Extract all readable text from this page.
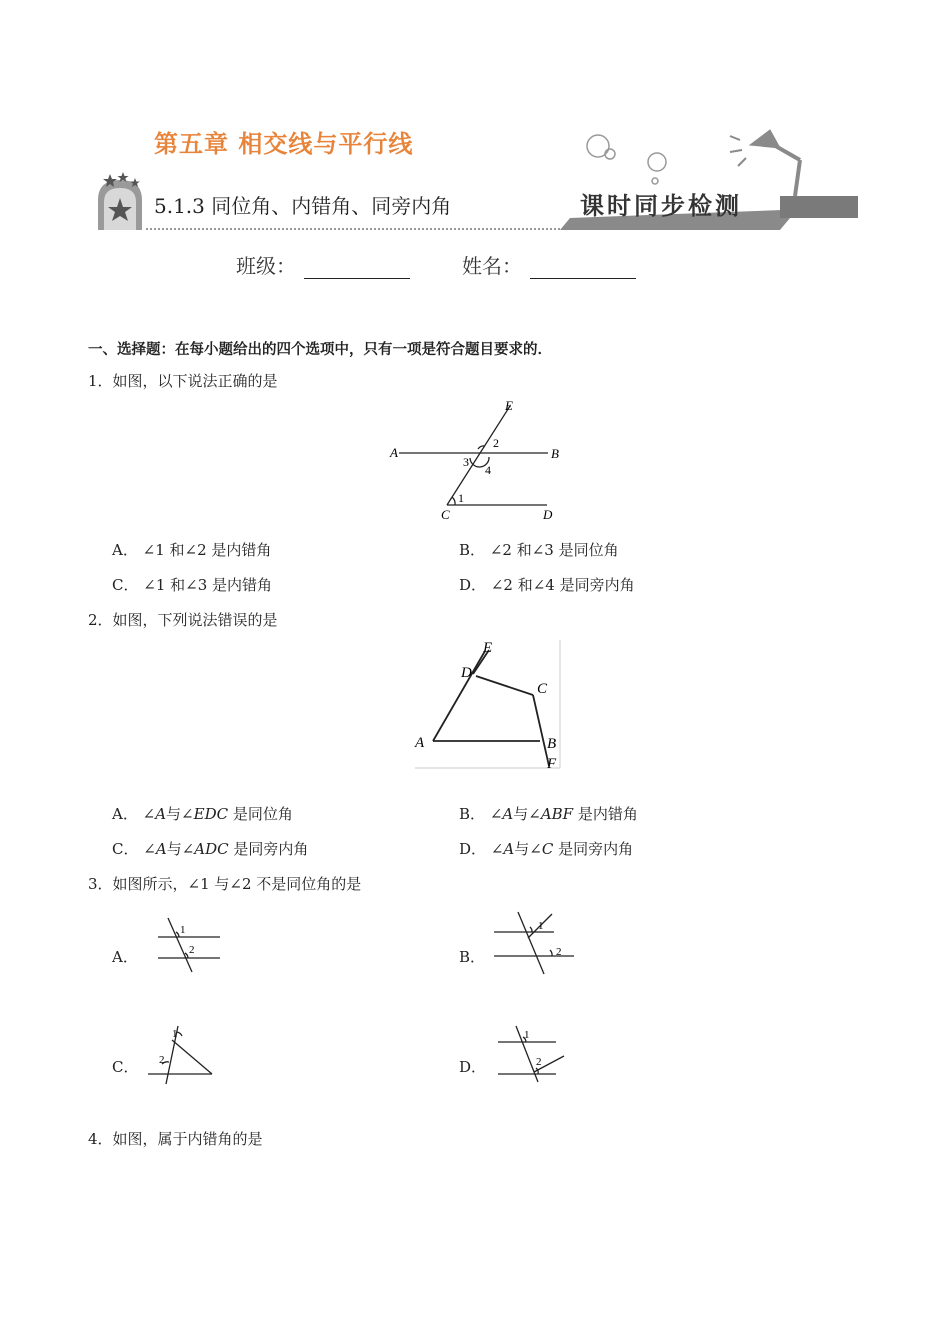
第五章 相交线与平行线
5.1.3 同位角、内错角、同旁内角	课时同步检测
班级：	姓名：
一、选择题：在每小题给出的四个选项中，只有一项是符合题目要求的．
1．如图，以下说法正确的是
E
A	B
C	D
1
2
3
4
A． ∠1 和∠2 是内错角	B． ∠2 和∠3 是同位角
C． ∠1 和∠3 是内错角	D． ∠2 和∠4 是同旁内角
2．如图，下列说法错误的是
E
D
C
A	B
F
A． ∠A与∠EDC 是同位角	B． ∠A与∠ABF 是内错角
C． ∠A与∠ADC 是同旁内角	D． ∠A与∠C 是同旁内角
3．如图所示，∠1 与∠2 不是同位角的是
A．
1
2	B．
1
2
C．
1
2	D．
1
2
4．如图，属于内错角的是
